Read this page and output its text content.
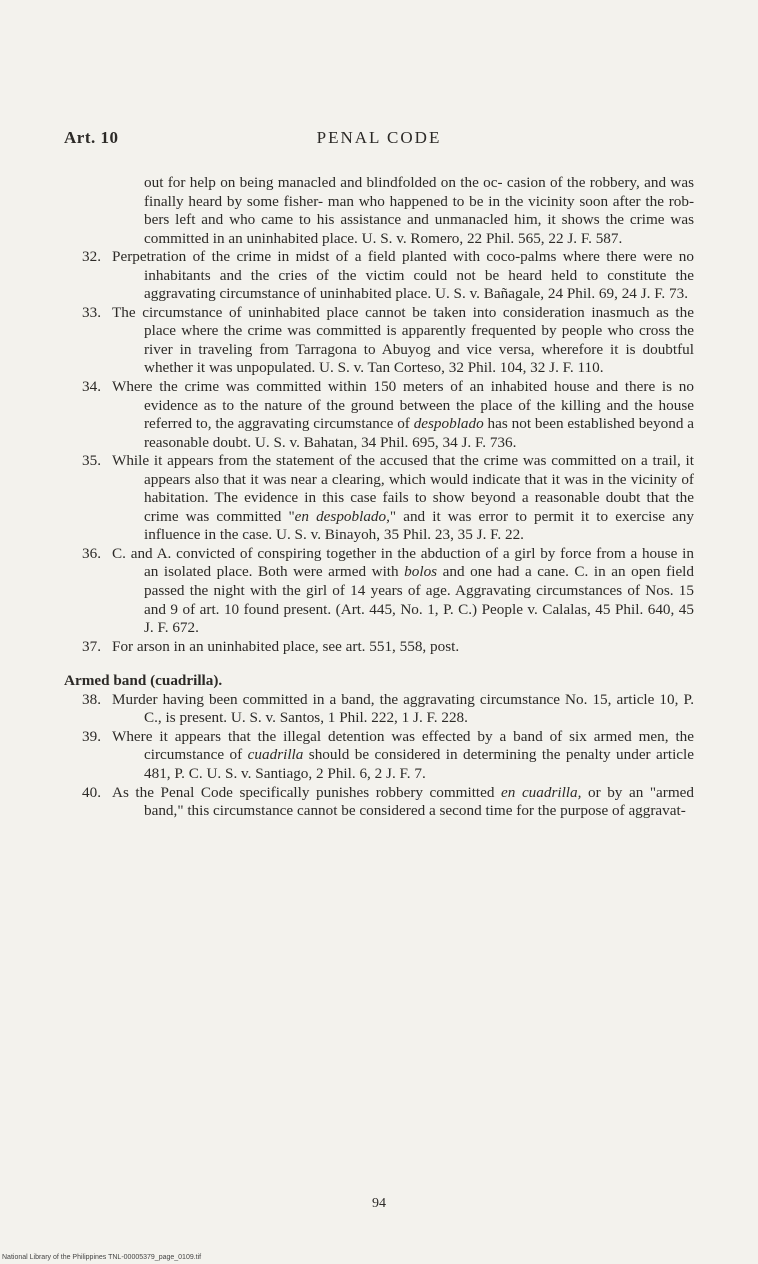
Art. 10	PENAL CODE
out for help on being manacled and blindfolded on the oc- casion of the robbery, and was finally heard by some fisher- man who happened to be in the vicinity soon after the rob- bers left and who came to his assistance and unmanacled him, it shows the crime was committed in an uninhabited place. U. S. v. Romero, 22 Phil. 565, 22 J. F. 587.
32. Perpetration of the crime in midst of a field planted with coco-palms where there were no inhabitants and the cries of the victim could not be heard held to constitute the aggravating circumstance of uninhabited place. U. S. v. Bañagale, 24 Phil. 69, 24 J. F. 73.
33. The circumstance of uninhabited place cannot be taken into consideration inasmuch as the place where the crime was committed is apparently frequented by people who cross the river in traveling from Tarragona to Abuyog and vice versa, wherefore it is doubtful whether it was unpopulated. U. S. v. Tan Corteso, 32 Phil. 104, 32 J. F. 110.
34. Where the crime was committed within 150 meters of an inhabited house and there is no evidence as to the nature of the ground between the place of the killing and the house referred to, the aggravating circumstance of despoblado has not been established beyond a reasonable doubt. U. S. v. Bahatan, 34 Phil. 695, 34 J. F. 736.
35. While it appears from the statement of the accused that the crime was committed on a trail, it appears also that it was near a clearing, which would indicate that it was in the vicinity of habitation. The evidence in this case fails to show beyond a reasonable doubt that the crime was committed "en despoblado," and it was error to permit it to exercise any influence in the case. U. S. v. Binayoh, 35 Phil. 23, 35 J. F. 22.
36. C. and A. convicted of conspiring together in the abduction of a girl by force from a house in an isolated place. Both were armed with bolos and one had a cane. C. in an open field passed the night with the girl of 14 years of age. Aggravating circumstances of Nos. 15 and 9 of art. 10 found present. (Art. 445, No. 1, P. C.) People v. Calalas, 45 Phil. 640, 45 J. F. 672.
37. For arson in an uninhabited place, see art. 551, 558, post.
Armed band (cuadrilla).
38. Murder having been committed in a band, the aggravating circumstance No. 15, article 10, P. C., is present. U. S. v. Santos, 1 Phil. 222, 1 J. F. 228.
39. Where it appears that the illegal detention was effected by a band of six armed men, the circumstance of cuadrilla should be considered in determining the penalty under article 481, P. C. U. S. v. Santiago, 2 Phil. 6, 2 J. F. 7.
40. As the Penal Code specifically punishes robbery committed en cuadrilla, or by an "armed band," this circumstance cannot be considered a second time for the purpose of aggravat-
94
National Library of the Philippines TNL-00005379_page_0109.tif
